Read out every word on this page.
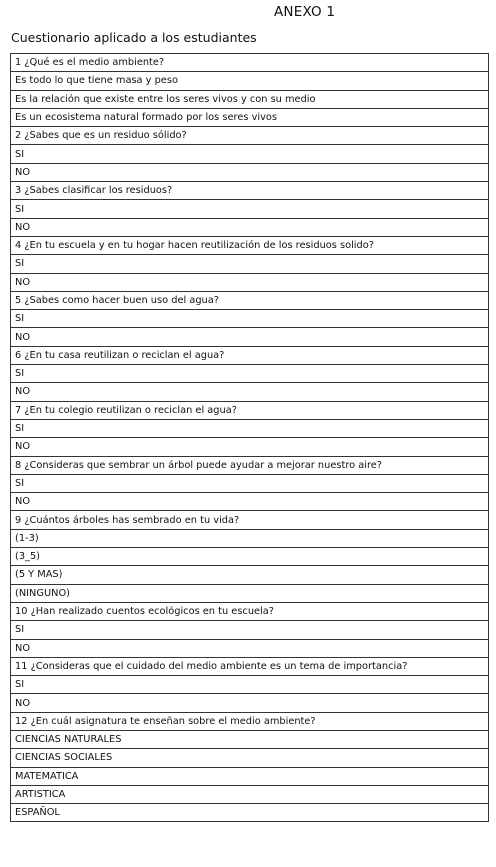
ANEXO 1
Cuestionario aplicado a los estudiantes
1 ¿Qué es el medio ambiente?
Es todo lo que tiene masa y peso
Es la relación que existe entre los seres vivos y con su medio
Es un ecosistema natural formado por los seres vivos
2 ¿Sabes que es un residuo sólido?
SI
NO
3 ¿Sabes clasificar los residuos?
SI
NO
4 ¿En tu escuela y en tu hogar hacen reutilización de los residuos solido?
SI
NO
5 ¿Sabes como hacer buen uso del agua?
SI
NO
6 ¿En tu casa reutilizan o reciclan el agua?
SI
NO
7 ¿En tu colegio reutilizan o reciclan el agua?
SI
NO
8 ¿Consideras que sembrar un árbol puede ayudar a mejorar nuestro aire?
SI
NO
9 ¿Cuántos árboles has sembrado en tu vida?
(1-3)
(3_5)
(5 Y MAS)
(NINGUNO)
10 ¿Han realizado cuentos ecológicos en tu escuela?
SI
NO
11 ¿Consideras que el cuidado del medio ambiente es un tema de importancia?
SI
NO
12 ¿En cuál asignatura te enseñan sobre el medio ambiente?
CIENCIAS NATURALES
CIENCIAS SOCIALES
MATEMATICA
ARTISTICA
ESPAÑOL
